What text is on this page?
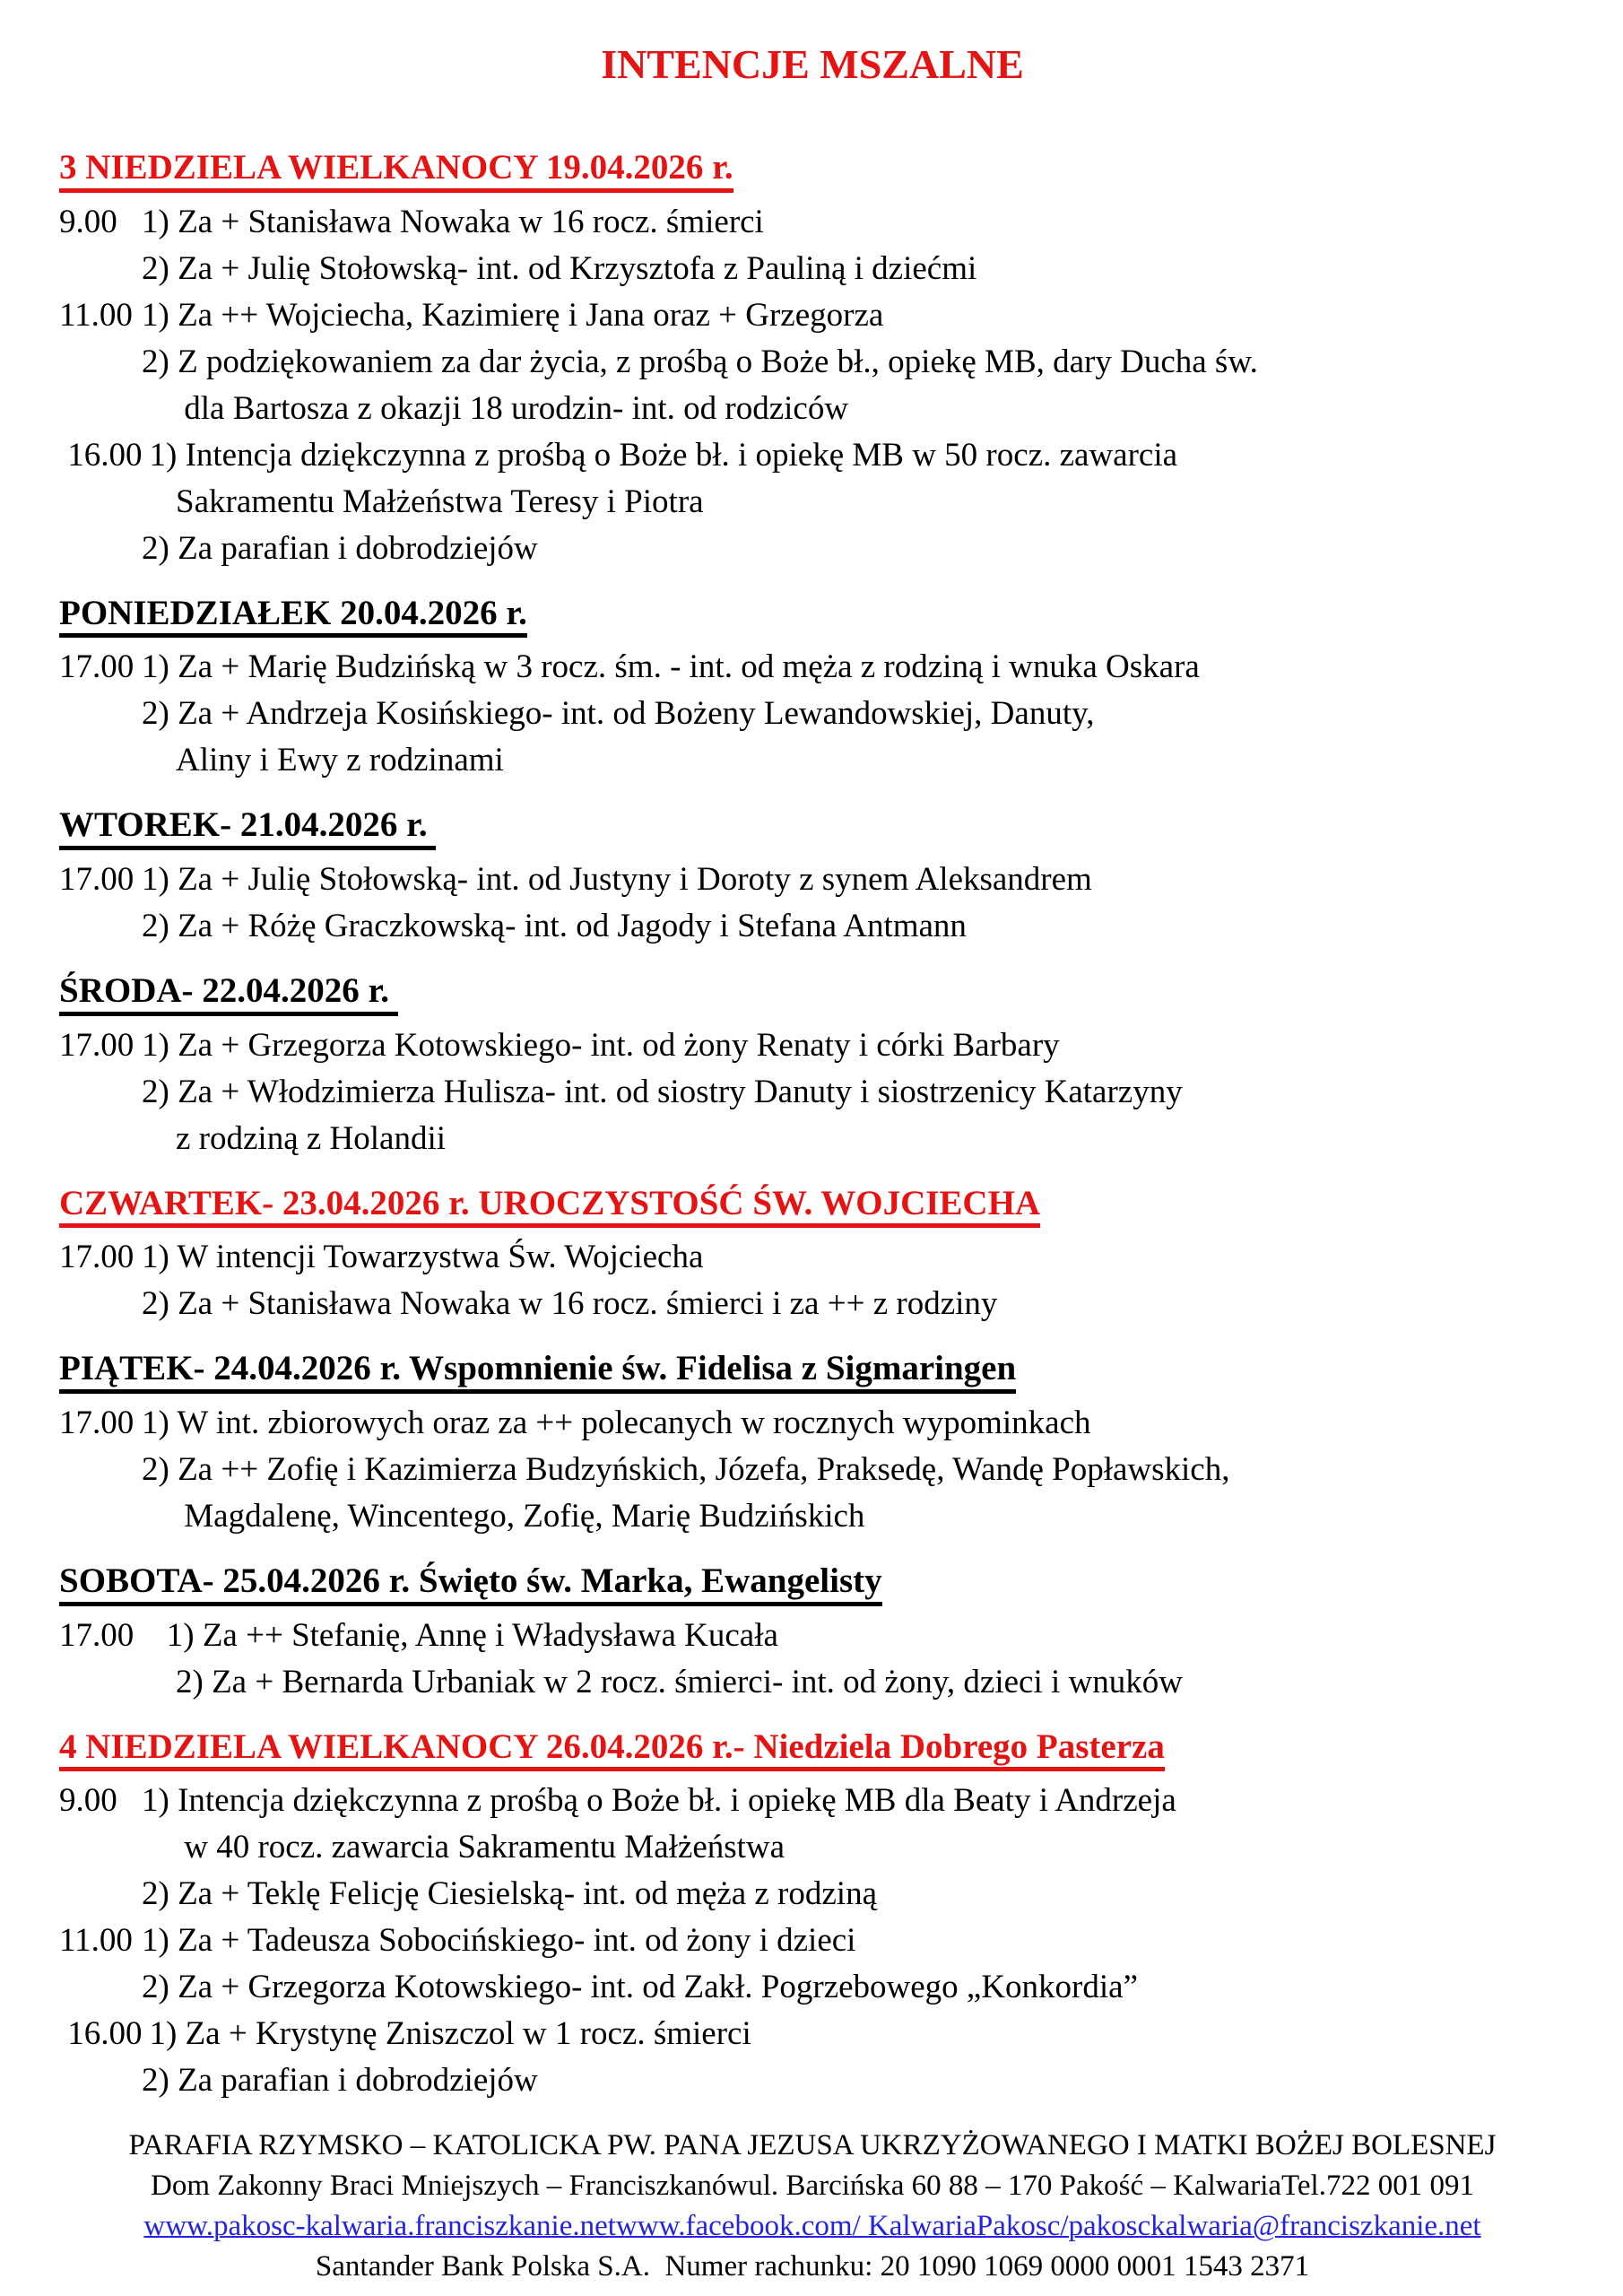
INTENCJE MSZALNE
3 NIEDZIELA WIELKANOCY 19.04.2026 r.
9.00 1) Za + Stanisława Nowaka w 16 rocz. śmierci
2) Za + Julię Stołowską- int. od Krzysztofa z Pauliną i dziećmi
11.00 1) Za ++ Wojciecha, Kazimierę i Jana oraz + Grzegorza
2) Z podziękowaniem za dar życia, z prośbą o Boże bł., opiekę MB, dary Ducha św.
dla Bartosza z okazji 18 urodzin- int. od rodziców
16.00 1) Intencja dziękczynna z prośbą o Boże bł. i opiekę MB w 50 rocz. zawarcia
Sakramentu Małżeństwa Teresy i Piotra
2) Za parafian i dobrodziejów
PONIEDZIAŁEK 20.04.2026 r.
17.00 1) Za + Marię Budzińską w 3 rocz. śm. - int. od męża z rodziną i wnuka Oskara
2) Za + Andrzeja Kosińskiego- int. od Bożeny Lewandowskiej, Danuty,
Aliny i Ewy z rodzinami
WTOREK- 21.04.2026 r.
17.00 1) Za + Julię Stołowską- int. od Justyny i Doroty z synem Aleksandrem
2) Za + Różę Graczkowską- int. od Jagody i Stefana Antmann
ŚRODA- 22.04.2026 r.
17.00 1) Za + Grzegorza Kotowskiego- int. od żony Renaty i córki Barbary
2) Za + Włodzimierza Hulisza- int. od siostry Danuty i siostrzenicy Katarzyny
z rodziną z Holandii
CZWARTEK- 23.04.2026 r. UROCZYSTOŚĆ ŚW. WOJCIECHA
17.00 1) W intencji Towarzystwa Św. Wojciecha
2) Za + Stanisława Nowaka w 16 rocz. śmierci i za ++ z rodziny
PIĄTEK- 24.04.2026 r. Wspomnienie św. Fidelisa z Sigmaringen
17.00 1) W int. zbiorowych oraz za ++ polecanych w rocznych wypominkach
2) Za ++ Zofię i Kazimierza Budzyńskich, Józefa, Praksedę, Wandę Popławskich,
Magdalenę, Wincentego, Zofię, Marię Budzińskich
SOBOTA- 25.04.2026 r. Święto św. Marka, Ewangelisty
17.00   1) Za ++ Stefanię, Annę i Władysława Kucała
2) Za + Bernarda Urbaniak w 2 rocz. śmierci- int. od żony, dzieci i wnuków
4 NIEDZIELA WIELKANOCY 26.04.2026 r.- Niedziela Dobrego Pasterza
9.00 1) Intencja dziękczynna z prośbą o Boże bł. i opiekę MB dla Beaty i Andrzeja
w 40 rocz. zawarcia Sakramentu Małżeństwa
2) Za + Teklę Felicję Ciesielską- int. od męża z rodziną
11.00 1) Za + Tadeusza Sobocińskiego- int. od żony i dzieci
2) Za + Grzegorza Kotowskiego- int. od Zakł. Pogrzebowego „Konkordia”
16.00 1) Za + Krystynę Zniszczol w 1 rocz. śmierci
2) Za parafian i dobrodziejów
PARAFIA RZYMSKO – KATOLICKA PW. PANA JEZUSA UKRZYŻOWANEGO I MATKI BOŻEJ BOLESNEJ
Dom Zakonny Braci Mniejszych – Franciszkanówul. Barcińska 60 88 – 170 Pakość – KalwariaTel.722 001 091
www.pakosc-kalwaria.franciszkanie.netwww.facebook.com/ KalwariaPakosc/pakosckalwaria@franciszkanie.net
Santander Bank Polska S.A.  Numer rachunku: 20 1090 1069 0000 0001 1543 2371
